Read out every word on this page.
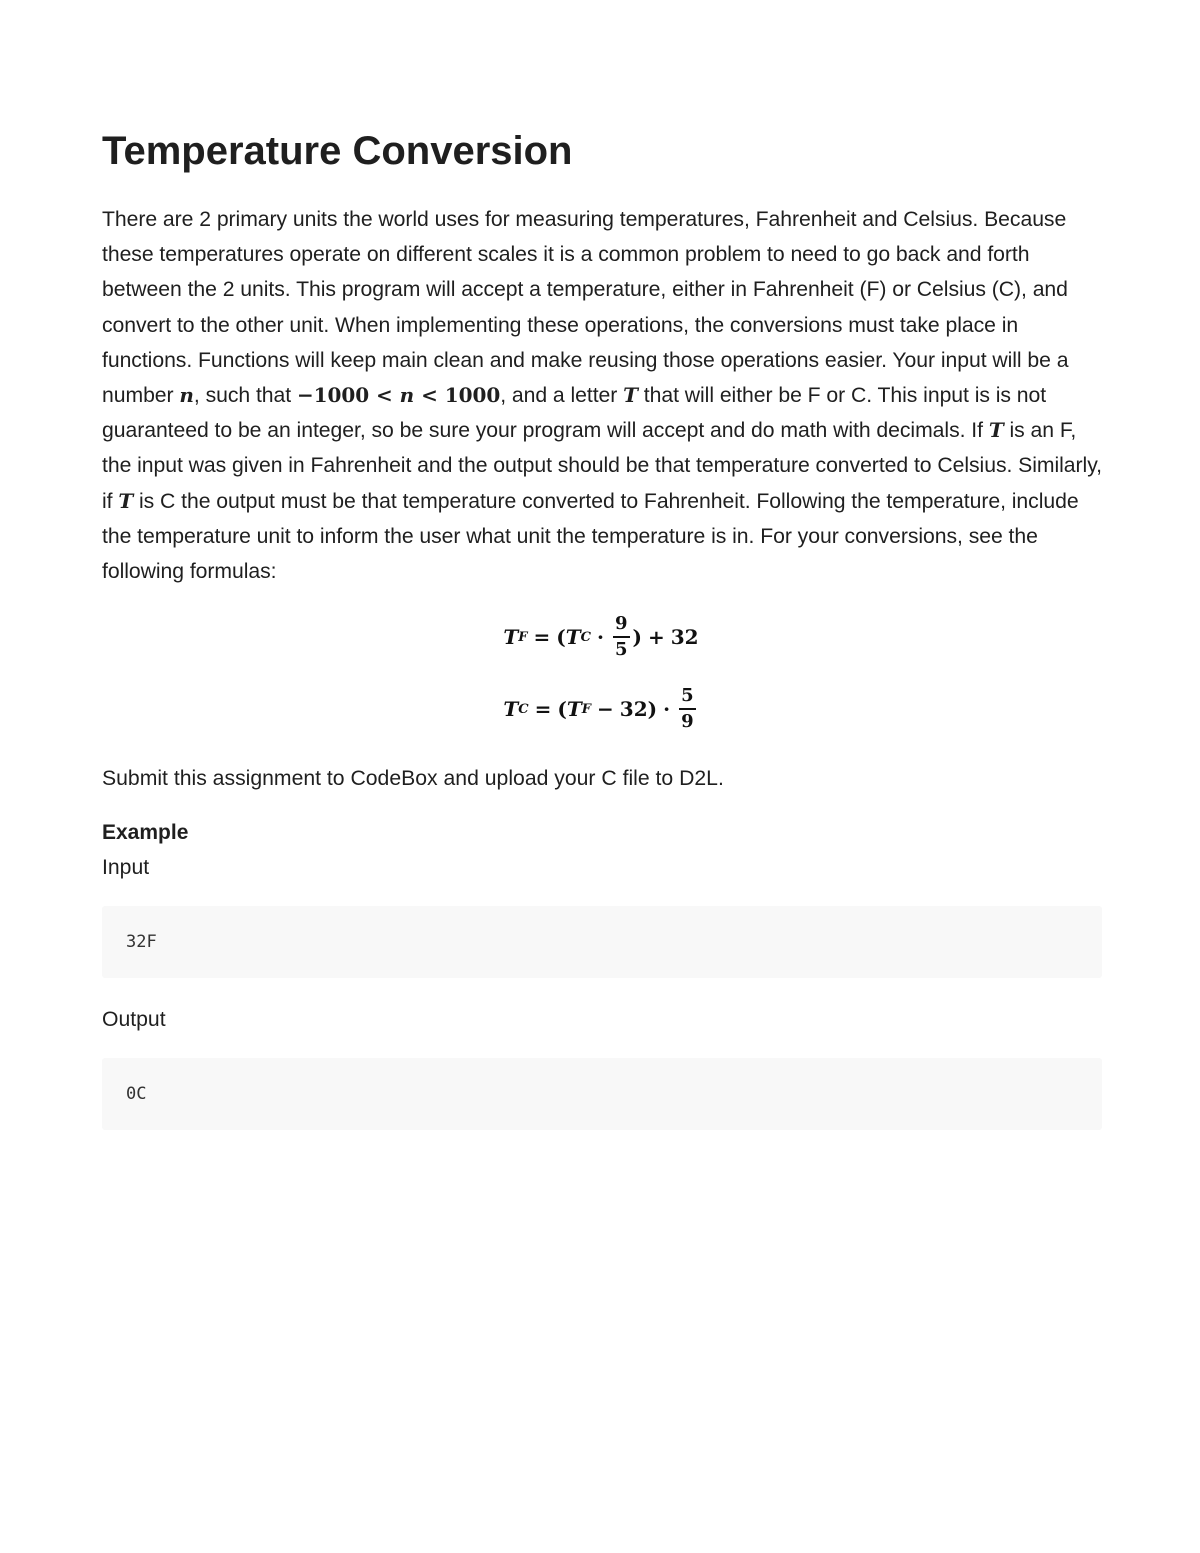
Temperature Conversion

There are 2 primary units the world uses for measuring temperatures, Fahrenheit and Celsius. Because these temperatures operate on different scales it is a common problem to need to go back and forth between the 2 units. This program will accept a temperature, either in Fahrenheit (F) or Celsius (C), and convert to the other unit. When implementing these operations, the conversions must take place in functions. Functions will keep main clean and make reusing those operations easier. Your input will be a number n, such that −1000 < n < 1000, and a letter T that will either be F or C. This input is is not guaranteed to be an integer, so be sure your program will accept and do math with decimals. If T is an F, the input was given in Fahrenheit and the output should be that temperature converted to Celsius. Similarly, if T is C the output must be that temperature converted to Fahrenheit. Following the temperature, include the temperature unit to inform the user what unit the temperature is in. For your conversions, see the following formulas:

T F = ( T $C \cdot \frac{9}{5}$ ) + 32
T C = ( T F − 32 ) · $\frac{5}{9}$
Submit this assignment to CodeBox and upload your C file to D2L.
Example
Input
32F
Output
0C
